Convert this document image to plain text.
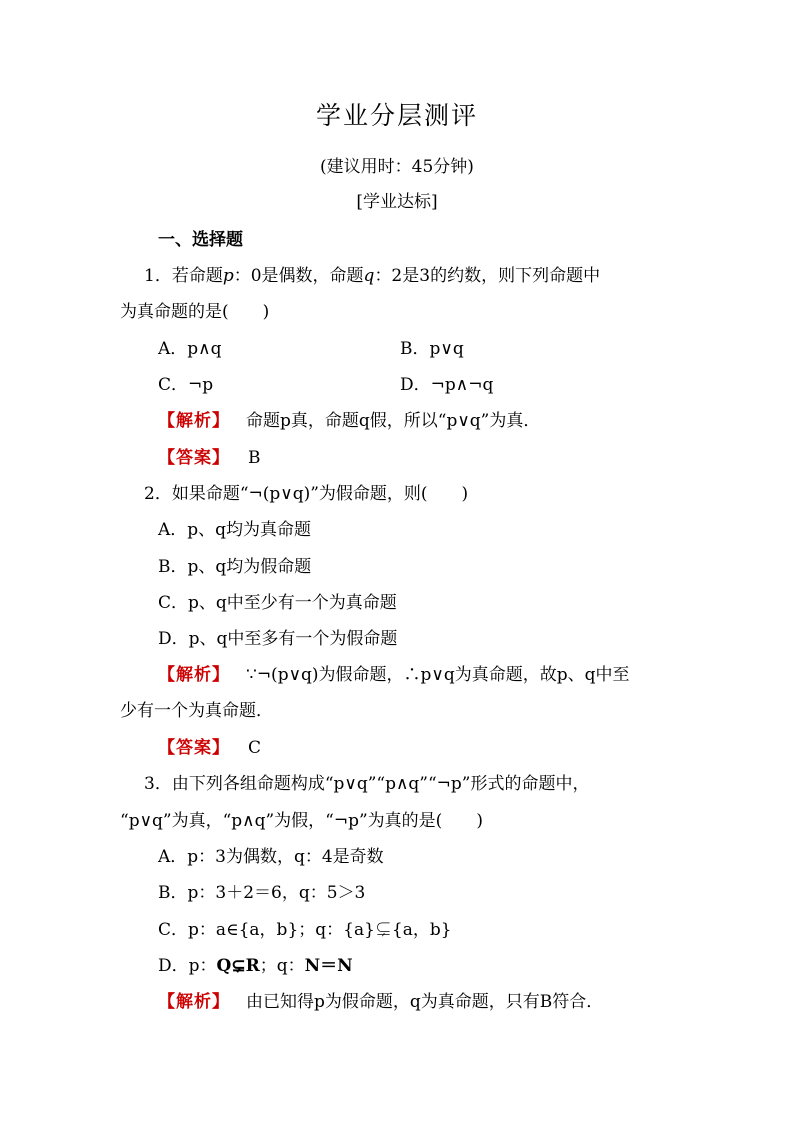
学业分层测评
(建议用时：45分钟)
[学业达标]
一、选择题
1．若命题p：0是偶数，命题q：2是3的约数，则下列命题中
为真命题的是(　　)
A．p∧q	B．p∨q
C．¬p	D．¬p∧¬q
【解析】 命题p真，命题q假，所以“p∨q”为真．
【答案】 B
2．如果命题“¬(p∨q)”为假命题，则(　　)
A．p、q均为真命题
B．p、q均为假命题
C．p、q中至少有一个为真命题
D．p、q中至多有一个为假命题
【解析】 ∵¬(p∨q)为假命题，∴p∨q为真命题，故p、q中至
少有一个为真命题．
【答案】 C
3．由下列各组命题构成“p∨q”“p∧q”“¬p”形式的命题中，
“p∨q”为真，“p∧q”为假，“¬p”为真的是(　　)
A．p：3为偶数，q：4是奇数
B．p：3＋2＝6，q：5＞3
C．p：a∈{a，b}；q：{a}⊊{a，b}
D．p：Q⊊R；q：N＝N
【解析】 由已知得p为假命题，q为真命题，只有B符合．
